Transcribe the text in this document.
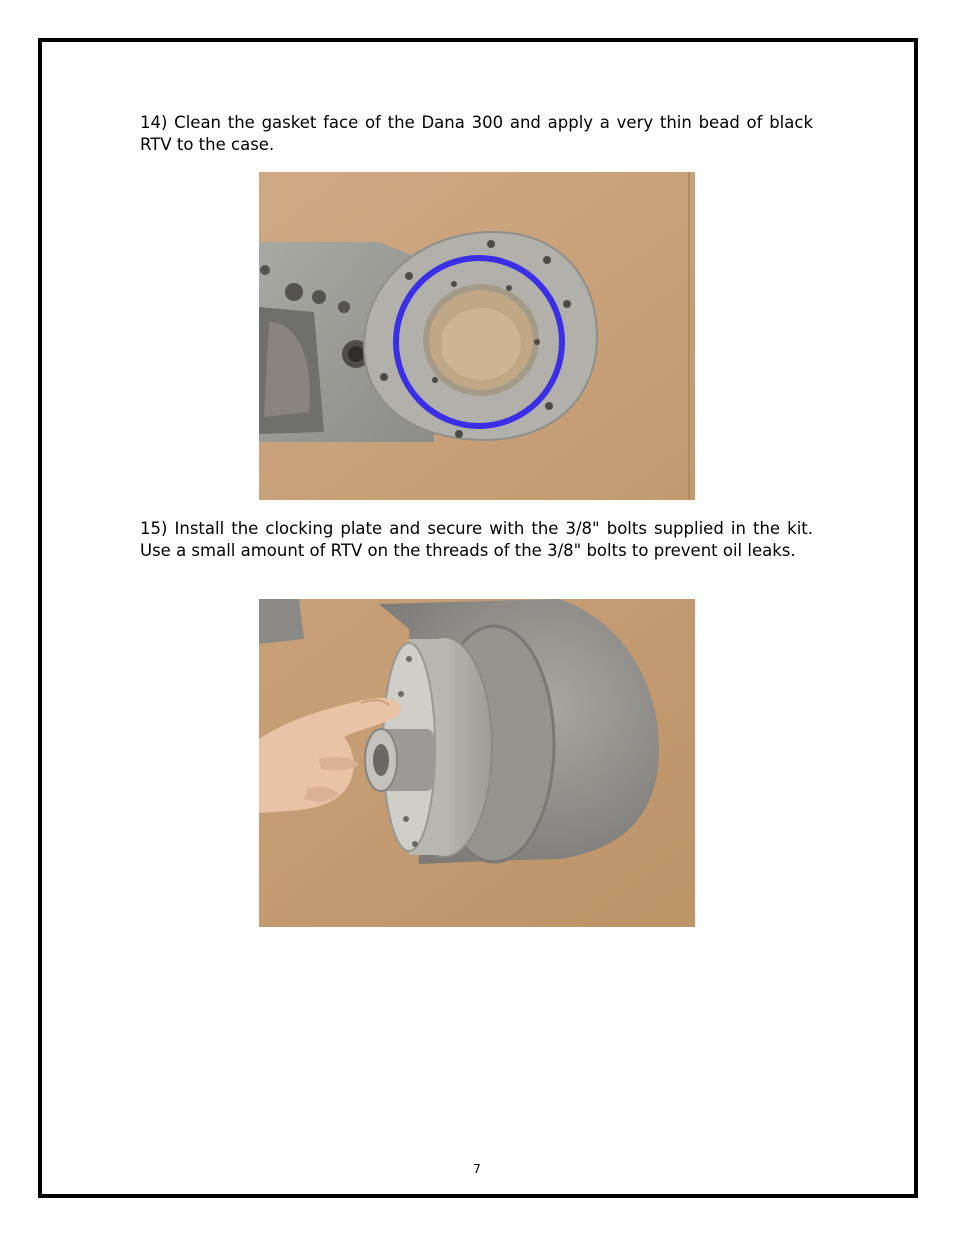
14) Clean the gasket face of the Dana 300 and apply a very thin bead of black RTV to the case.

15) Install the clocking plate and secure with the 3/8" bolts supplied in the kit. Use a small amount of RTV on the threads of the 3/8" bolts to prevent oil leaks.

7
